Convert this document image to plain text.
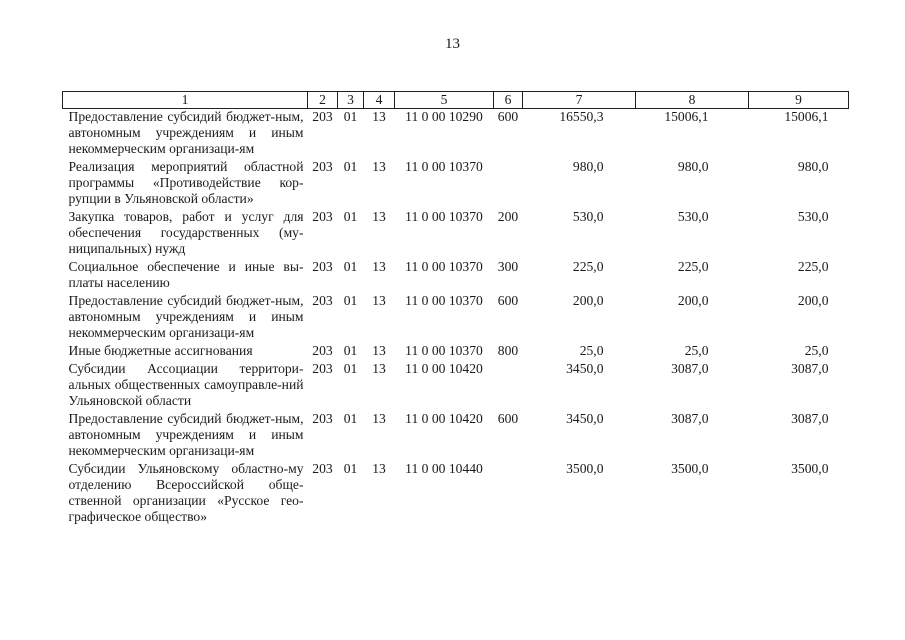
13
1	2	3	4	5	6	7	8	9
Предоставление субсидий бюджет-ным, автономным учреждениям и иным некоммерческим организаци-ям	203	01	13	11 0 00 10290	600	16550,3	15006,1	15006,1
Реализация мероприятий областной программы «Противодействие кор-рупции в Ульяновской области»	203	01	13	11 0 00 10370		980,0	980,0	980,0
Закупка товаров, работ и услуг для обеспечения государственных (му-ниципальных) нужд	203	01	13	11 0 00 10370	200	530,0	530,0	530,0
Социальное обеспечение и иные вы-платы населению	203	01	13	11 0 00 10370	300	225,0	225,0	225,0
Предоставление субсидий бюджет-ным, автономным учреждениям и иным некоммерческим организаци-ям	203	01	13	11 0 00 10370	600	200,0	200,0	200,0
Иные бюджетные ассигнования	203	01	13	11 0 00 10370	800	25,0	25,0	25,0
Субсидии Ассоциации территори-альных общественных самоуправле-ний Ульяновской области	203	01	13	11 0 00 10420		3450,0	3087,0	3087,0
Предоставление субсидий бюджет-ным, автономным учреждениям и иным некоммерческим организаци-ям	203	01	13	11 0 00 10420	600	3450,0	3087,0	3087,0
Субсидии Ульяновскому областно-му отделению Всероссийской обще-ственной организации «Русское гео-графическое общество»	203	01	13	11 0 00 10440		3500,0	3500,0	3500,0
